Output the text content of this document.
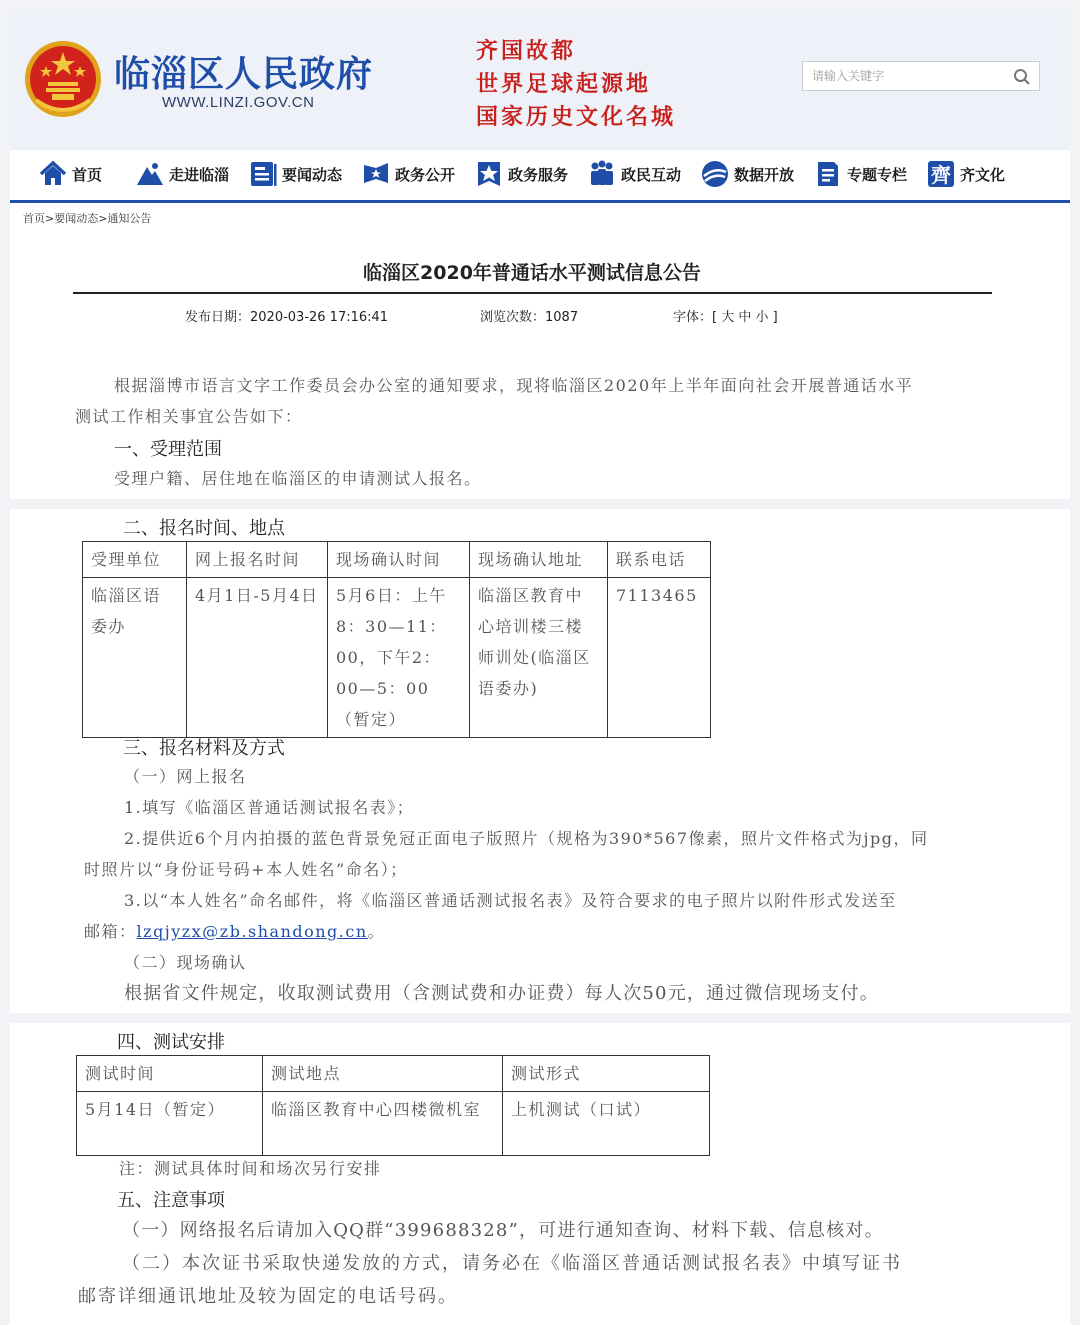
临淄区人民政府
WWW.LINZI.GOV.CN
齐国故都
世界足球起源地
国家历史文化名城
请输入关键字
首页	走进临淄	要闻动态	政务公开	政务服务	政民互动	数据开放	专题专栏 齊 齐文化
首页>要闻动态>通知公告
临淄区2020年普通话水平测试信息公告
发布日期：2020-03-26 17:16:41	浏览次数：1087	字体：[ 大 中 小 ]

根据淄博市语言文字工作委员会办公室的通知要求，现将临淄区2020年上半年面向社会开展普通话水平

测试工作相关事宜公告如下：

一、受理范围

受理户籍、居住地在临淄区的申请测试人报名。

二、报名时间、地点
受理单位	网上报名时间	现场确认时间	现场确认地址	联系电话
临淄区语委办	4月1日-5月4日	5月6日：上午8：30—11：00，下午2：00—5：00（暂定）	临淄区教育中心培训楼三楼师训处(临淄区语委办)	7113465
三、报名材料及方式

（一）网上报名

1.填写《临淄区普通话测试报名表》；

2.提供近6个月内拍摄的蓝色背景免冠正面电子版照片（规格为390*567像素，照片文件格式为jpg，同

时照片以“身份证号码+本人姓名”命名）；

3.以“本人姓名”命名邮件，将《临淄区普通话测试报名表》及符合要求的电子照片以附件形式发送至

邮箱：lzqjyzx@zb.shandong.cn。

（二）现场确认

根据省文件规定，收取测试费用（含测试费和办证费）每人次50元，通过微信现场支付。

四、测试安排
测试时间	测试地点	测试形式
5月14日（暂定）	临淄区教育中心四楼微机室	上机测试（口试）

注：测试具体时间和场次另行安排

五、注意事项

（一）网络报名后请加入QQ群“399688328”，可进行通知查询、材料下载、信息核对。

（二）本次证书采取快递发放的方式，请务必在《临淄区普通话测试报名表》中填写证书

邮寄详细通讯地址及较为固定的电话号码。
